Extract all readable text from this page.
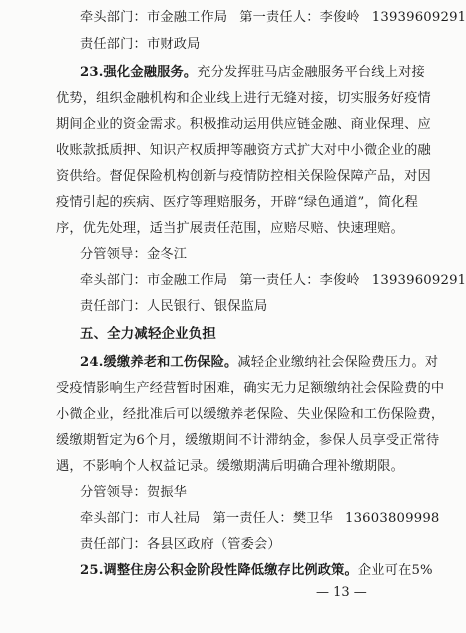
牵头部门：市金融工作局 第一责任人：李俊岭 13939609291
责任部门：市财政局
23.强化金融服务。充分发挥驻马店金融服务平台线上对接
优势，组织金融机构和企业线上进行无缝对接，切实服务好疫情
期间企业的资金需求。积极推动运用供应链金融、商业保理、应
收账款抵质押、知识产权质押等融资方式扩大对中小微企业的融
资供给。督促保险机构创新与疫情防控相关保险保障产品，对因
疫情引起的疾病、医疗等理赔服务，开辟“绿色通道”，简化程
序，优先处理，适当扩展责任范围，应赔尽赔、快速理赔。
分管领导：金冬江
牵头部门：市金融工作局 第一责任人：李俊岭 13939609291
责任部门：人民银行、银保监局
五、全力减轻企业负担
24.缓缴养老和工伤保险。减轻企业缴纳社会保险费压力。对
受疫情影响生产经营暂时困难，确实无力足额缴纳社会保险费的中
小微企业，经批准后可以缓缴养老保险、失业保险和工伤保险费，
缓缴期暂定为6个月，缓缴期间不计滞纳金，参保人员享受正常待
遇，不影响个人权益记录。缓缴期满后明确合理补缴期限。
分管领导：贺振华
牵头部门：市人社局 第一责任人：樊卫华 13603809998
责任部门：各县区政府（管委会）
25.调整住房公积金阶段性降低缴存比例政策。企业可在5%
— 13 —
